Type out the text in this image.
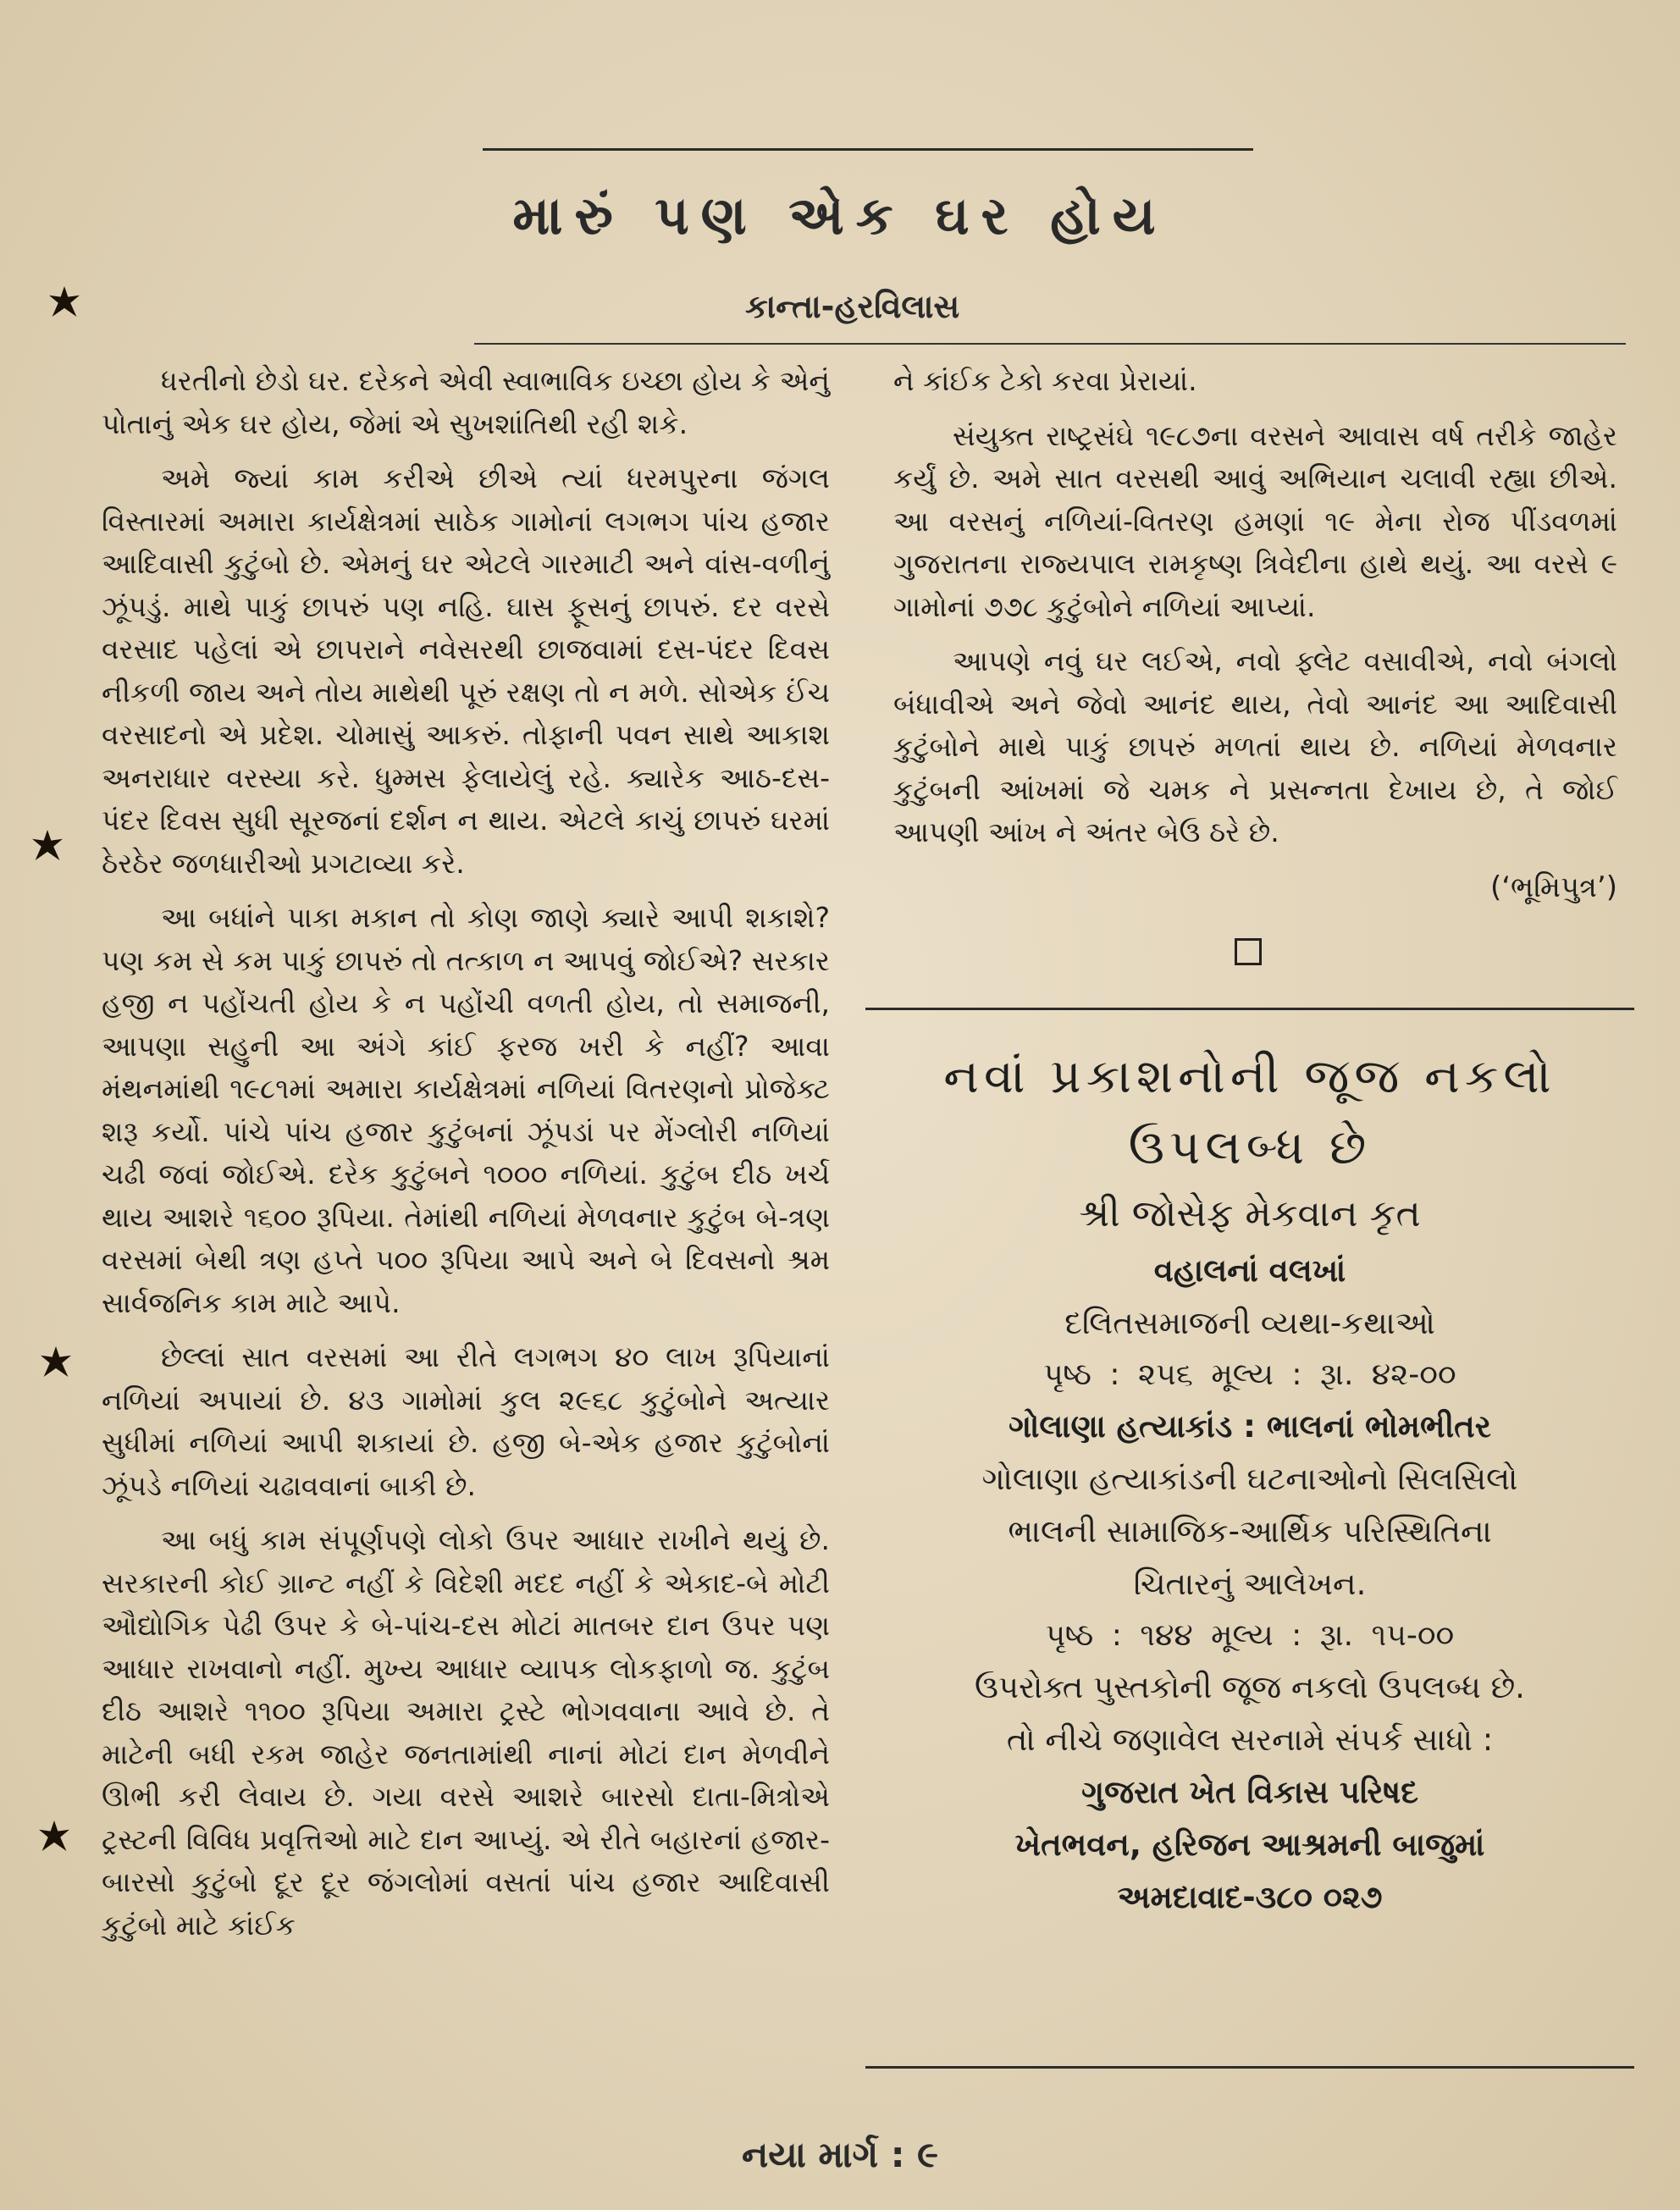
મારું પણ એક ઘર હોય
કાન્તા-હરવિલાસ

ધરતીનો છેડો ઘર. દરેકને એવી સ્વાભાવિક ઇચ્છા હોય કે એનું પોતાનું એક ઘર હોય, જેમાં એ સુખશાંતિથી રહી શકે.

અમે જ્યાં કામ કરીએ છીએ ત્યાં ધરમપુરના જંગલ વિસ્તારમાં અમારા કાર્યક્ષેત્રમાં સાઠેક ગામોનાં લગભગ પાંચ હજાર આદિવાસી કુટુંબો છે. એમનું ઘર એટલે ગારમાટી અને વાંસ-વળીનું ઝૂંપડું. માથે પાકું છાપરું પણ નહિ. ઘાસ ફૂસનું છાપરું. દર વરસે વરસાદ પહેલાં એ છાપરાને નવેસરથી છાજવામાં દસ-પંદર દિવસ નીકળી જાય અને તોય માથેથી પૂરું રક્ષણ તો ન મળે. સોએક ઈંચ વરસાદનો એ પ્રદેશ. ચોમાસું આકરું. તોફાની પવન સાથે આકાશ અનરાધાર વરસ્યા કરે. ધુમ્મસ ફેલાયેલું રહે. ક્યારેક આઠ-દસ-પંદર દિવસ સુધી સૂરજનાં દર્શન ન થાય. એટલે કાચું છાપરું ઘરમાં ઠેરઠેર જળધારીઓ પ્રગટાવ્યા કરે.

આ બધાંને પાકા મકાન તો કોણ જાણે ક્યારે આપી શકાશે? પણ કમ સે કમ પાકું છાપરું તો તત્કાળ ન આપવું જોઈએ? સરકાર હજી ન પહોંચતી હોય કે ન પહોંચી વળતી હોય, તો સમાજની, આપણા સહુની આ અંગે કાંઈ ફરજ ખરી કે નહીં? આવા મંથનમાંથી ૧૯૮૧માં અમારા કાર્યક્ષેત્રમાં નળિયાં વિતરણનો પ્રોજેક્ટ શરૂ કર્યો. પાંચે પાંચ હજાર કુટુંબનાં ઝૂંપડાં પર મેંગ્લોરી નળિયાં ચઢી જવાં જોઈએ. દરેક કુટુંબને ૧૦૦૦ નળિયાં. કુટુંબ દીઠ ખર્ચ થાય આશરે ૧૬૦૦ રૂપિયા. તેમાંથી નળિયાં મેળવનાર કુટુંબ બે-ત્રણ વરસમાં બેથી ત્રણ હપ્તે ૫૦૦ રૂપિયા આપે અને બે દિવસનો શ્રમ સાર્વજનિક કામ માટે આપે.

છેલ્લાં સાત વરસમાં આ રીતે લગભગ ૪૦ લાખ રૂપિયાનાં નળિયાં અપાયાં છે. ૪૩ ગામોમાં કુલ ૨૯૬૮ કુટુંબોને અત્યાર સુધીમાં નળિયાં આપી શકાયાં છે. હજી બે-એક હજાર કુટુંબોનાં ઝૂંપડે નળિયાં ચઢાવવાનાં બાકી છે.

આ બધું કામ સંપૂર્ણપણે લોકો ઉપર આધાર રાખીને થયું છે. સરકારની કોઈ ગ્રાન્ટ નહીં કે વિદેશી મદદ નહીં કે એકાદ-બે મોટી ઔદ્યોગિક પેઢી ઉપર કે બે-પાંચ-દસ મોટાં માતબર દાન ઉપર પણ આધાર રાખવાનો નહીં. મુખ્ય આધાર વ્યાપક લોકફાળો જ. કુટુંબ દીઠ આશરે ૧૧૦૦ રૂપિયા અમારા ટ્રસ્ટે ભોગવવાના આવે છે. તે માટેની બધી રકમ જાહેર જનતામાંથી નાનાં મોટાં દાન મેળવીને ઊભી કરી લેવાય છે. ગયા વરસે આશરે બારસો દાતા-મિત્રોએ ટ્રસ્ટની વિવિધ પ્રવૃત્તિઓ માટે દાન આપ્યું. એ રીતે બહારનાં હજાર-બારસો કુટુંબો દૂર દૂર જંગલોમાં વસતાં પાંચ હજાર આદિવાસી કુટુંબો માટે કાંઈક

ને કાંઈક ટેકો કરવા પ્રેરાયાં.

સંયુક્ત રાષ્ટ્રસંઘે ૧૯૮૭ના વરસને આવાસ વર્ષ તરીકે જાહેર કર્યું છે. અમે સાત વરસથી આવું અભિયાન ચલાવી રહ્યા છીએ. આ વરસનું નળિયાં-વિતરણ હમણાં ૧૯ મેના રોજ પીંડવળમાં ગુજરાતના રાજ્યપાલ રામકૃષ્ણ ત્રિવેદીના હાથે થયું. આ વરસે ૯ ગામોનાં ૭૭૮ કુટુંબોને નળિયાં આપ્યાં.

આપણે નવું ઘર લઈએ, નવો ફ્લેટ વસાવીએ, નવો બંગલો બંધાવીએ અને જેવો આનંદ થાય, તેવો આનંદ આ આદિવાસી કુટુંબોને માથે પાકું છાપરું મળતાં થાય છે. નળિયાં મેળવનાર કુટુંબની આંખમાં જે ચમક ને પ્રસન્નતા દેખાય છે, તે જોઈ આપણી આંખ ને અંતર બેઉ ઠરે છે.

(‘ભૂમિપુત્ર’)
નવાં પ્રકાશનોની જૂજ નકલો
ઉપલબ્ધ છે
શ્રી જોસેફ મેકવાન કૃત
વહાલનાં વલખાં
દલિતસમાજની વ્યથા-કથાઓ
પૃષ્ઠ : ૨૫૬ મૂલ્ય : રૂા. ૪૨-૦૦
ગોલાણા હત્યાકાંડ : ભાલનાં ભોમભીતર
ગોલાણા હત્યાકાંડની ઘટનાઓનો સિલસિલો
ભાલની સામાજિક-આર્થિક પરિસ્થિતિના
ચિતારનું આલેખન.
પૃષ્ઠ : ૧૪૪ મૂલ્ય : રૂા. ૧૫-૦૦
ઉપરોક્ત પુસ્તકોની જૂજ નકલો ઉપલબ્ધ છે.
તો નીચે જણાવેલ સરનામે સંપર્ક સાધો :
ગુજરાત ખેત વિકાસ પરિષદ
ખેતભવન, હરિજન આશ્રમની બાજુમાં
અમદાવાદ-૩૮૦ ૦૨૭
નયા માર્ગ : ૯
